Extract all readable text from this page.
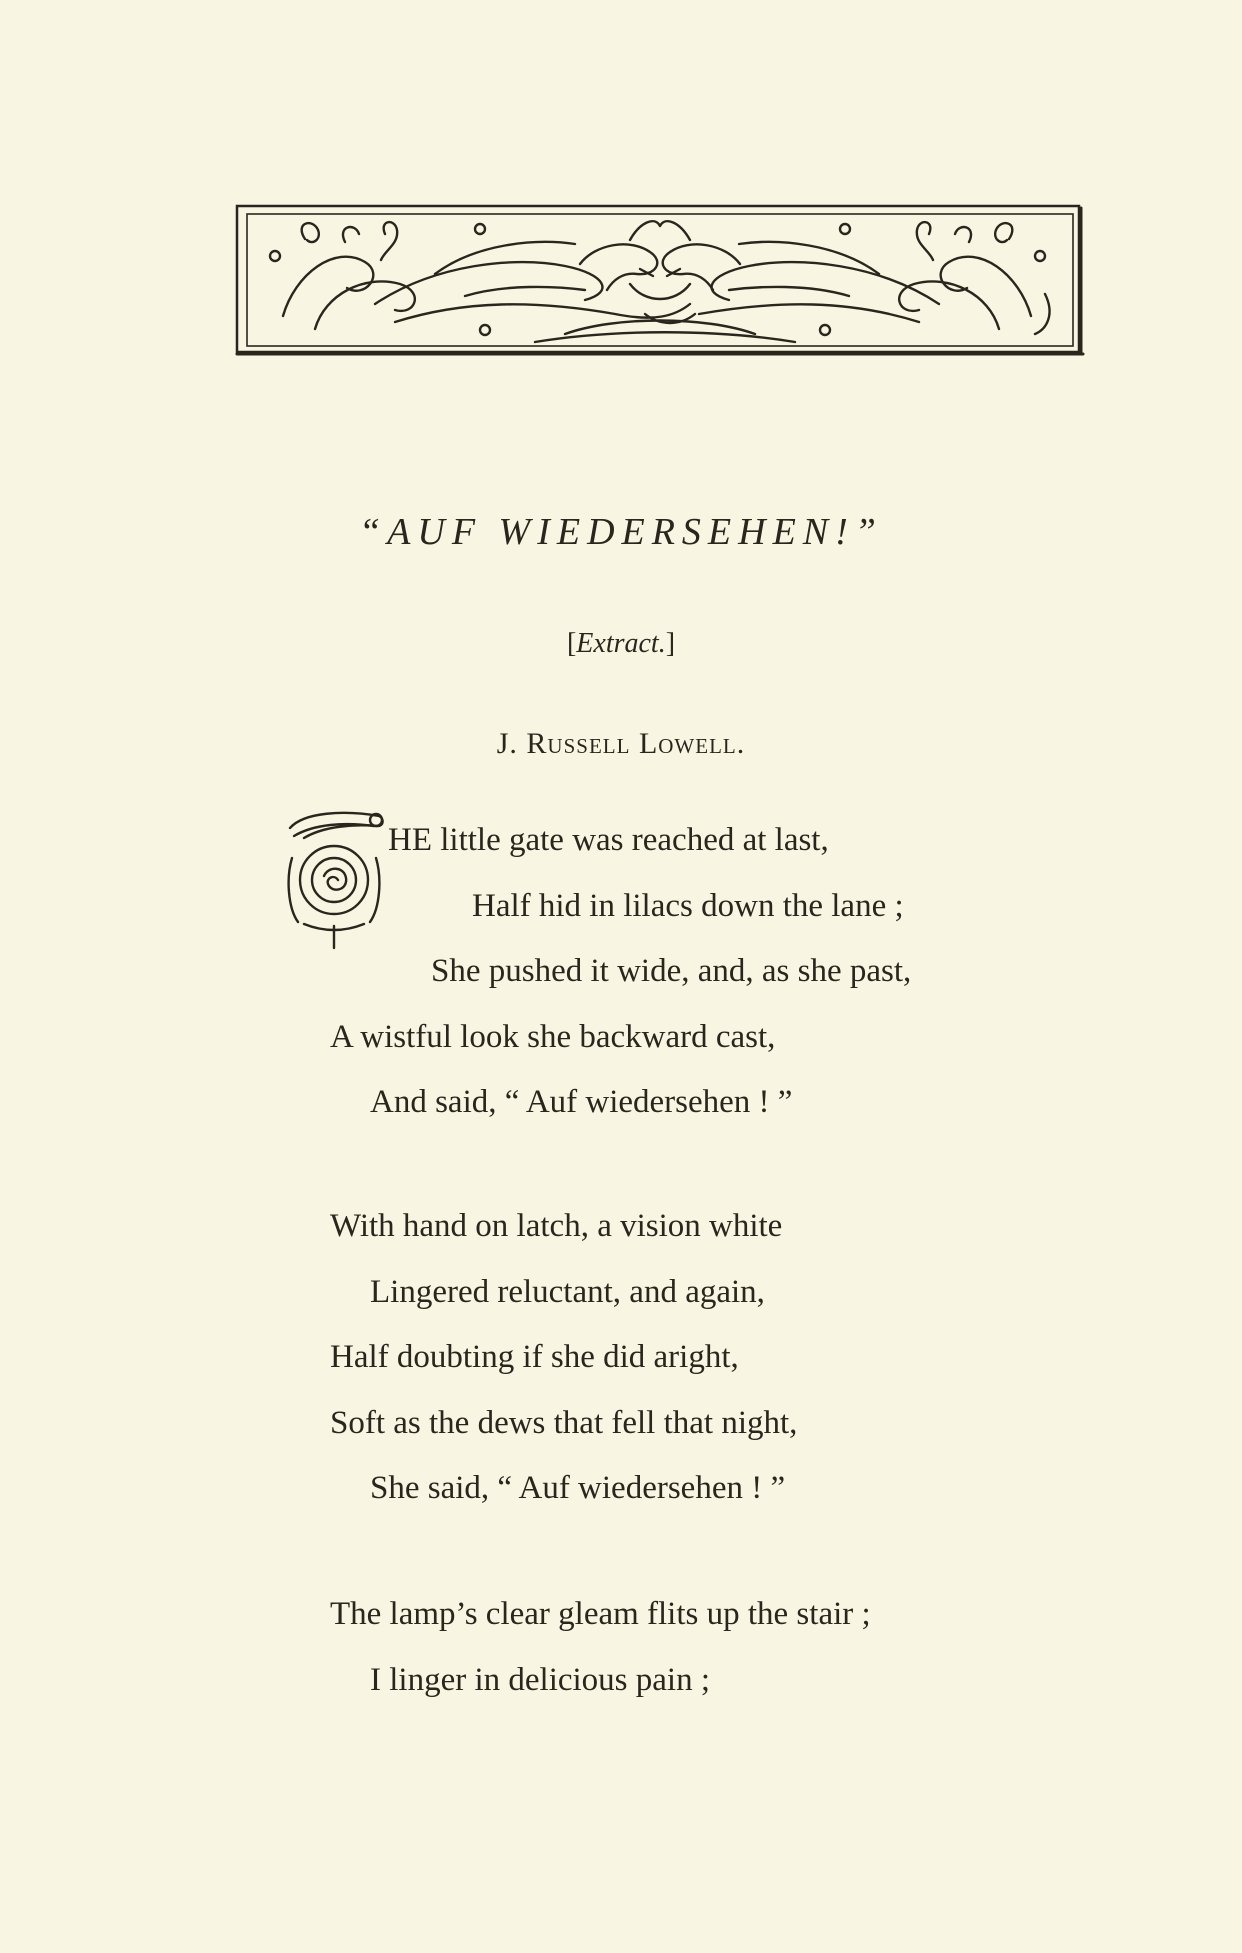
“AUF WIEDERSEHEN!”
[Extract.]
J. Russell Lowell.
HE little gate was reached at last,
Half hid in lilacs down the lane ;
She pushed it wide, and, as she past,
A wistful look she backward cast,
And said, “ Auf wiedersehen ! ”
With hand on latch, a vision white
Lingered reluctant, and again,
Half doubting if she did aright,
Soft as the dews that fell that night,
She said, “ Auf wiedersehen ! ”
The lamp’s clear gleam flits up the stair ;
I linger in delicious pain ;
